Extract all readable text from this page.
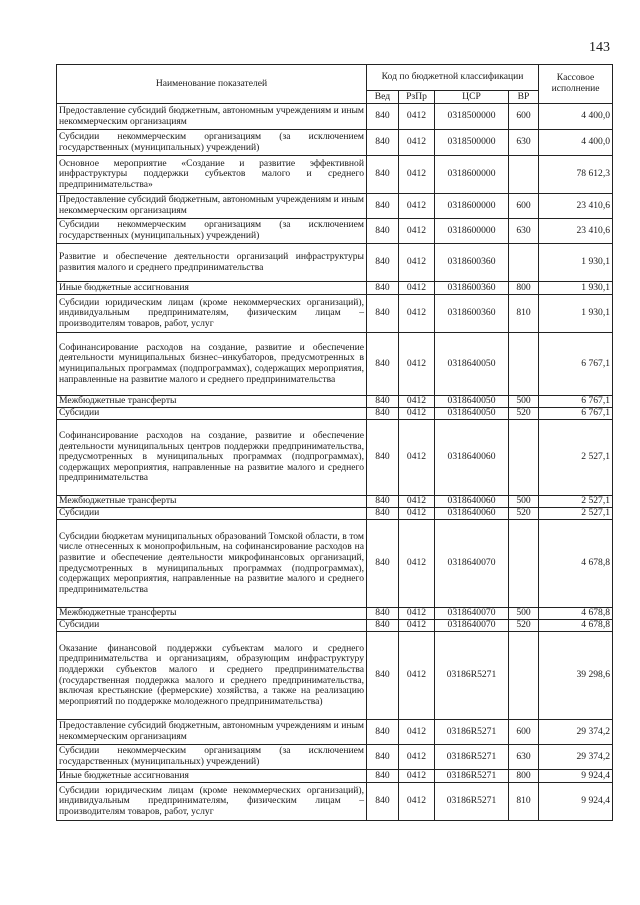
143
Наименование показателей	Код по бюджетной классификации				Кассовое исполнение
	Вед	РзПр	ЦСР	ВР	
Предоставление субсидий бюджетным, автономным учреждениям и иным некоммерческим организациям	840	0412	0318500000	600	4 400,0
Субсидии некоммерческим организациям (за исключением государственных (муниципальных) учреждений)	840	0412	0318500000	630	4 400,0
Основное мероприятие «Создание и развитие эффективной инфраструктуры поддержки субъектов малого и среднего предпринимательства»	840	0412	0318600000		78 612,3
Предоставление субсидий бюджетным, автономным учреждениям и иным некоммерческим организациям	840	0412	0318600000	600	23 410,6
Субсидии некоммерческим организациям (за исключением государственных (муниципальных) учреждений)	840	0412	0318600000	630	23 410,6
Развитие и обеспечение деятельности организаций инфраструктуры развития малого и среднего предпринимательства	840	0412	0318600360		1 930,1
Иные бюджетные ассигнования	840	0412	0318600360	800	1 930,1
Субсидии юридическим лицам (кроме некоммерческих организаций), индивидуальным предпринимателям, физическим лицам – производителям товаров, работ, услуг	840	0412	0318600360	810	1 930,1
Софинансирование расходов на создание, развитие и обеспечение деятельности муниципальных бизнес–инкубаторов, предусмотренных в муниципальных программах (подпрограммах), содержащих мероприятия, направленные на развитие малого и среднего предпринимательства	840	0412	0318640050		6 767,1
Межбюджетные трансферты	840	0412	0318640050	500	6 767,1
Субсидии	840	0412	0318640050	520	6 767,1
Софинансирование расходов на создание, развитие и обеспечение деятельности муниципальных центров поддержки предпринимательства, предусмотренных в муниципальных программах (подпрограммах), содержащих мероприятия, направленные на развитие малого и среднего предпринимательства	840	0412	0318640060		2 527,1
Межбюджетные трансферты	840	0412	0318640060	500	2 527,1
Субсидии	840	0412	0318640060	520	2 527,1
Субсидии бюджетам муниципальных образований Томской области, в том числе отнесенных к монопрофильным, на софинансирование расходов на развитие и обеспечение деятельности микрофинансовых организаций, предусмотренных в муниципальных программах (подпрограммах), содержащих мероприятия, направленные на развитие малого и среднего предпринимательства	840	0412	0318640070		4 678,8
Межбюджетные трансферты	840	0412	0318640070	500	4 678,8
Субсидии	840	0412	0318640070	520	4 678,8
Оказание финансовой поддержки субъектам малого и среднего предпринимательства и организациям, образующим инфраструктуру поддержки субъектов малого и среднего предпринимательства (государственная поддержка малого и среднего предпринимательства, включая крестьянские (фермерские) хозяйства, а также на реализацию мероприятий по поддержке молодежного предпринимательства)	840	0412	03186R5271		39 298,6
Предоставление субсидий бюджетным, автономным учреждениям и иным некоммерческим организациям	840	0412	03186R5271	600	29 374,2
Субсидии некоммерческим организациям (за исключением государственных (муниципальных) учреждений)	840	0412	03186R5271	630	29 374,2
Иные бюджетные ассигнования	840	0412	03186R5271	800	9 924,4
Субсидии юридическим лицам (кроме некоммерческих организаций), индивидуальным предпринимателям, физическим лицам – производителям товаров, работ, услуг	840	0412	03186R5271	810	9 924,4
